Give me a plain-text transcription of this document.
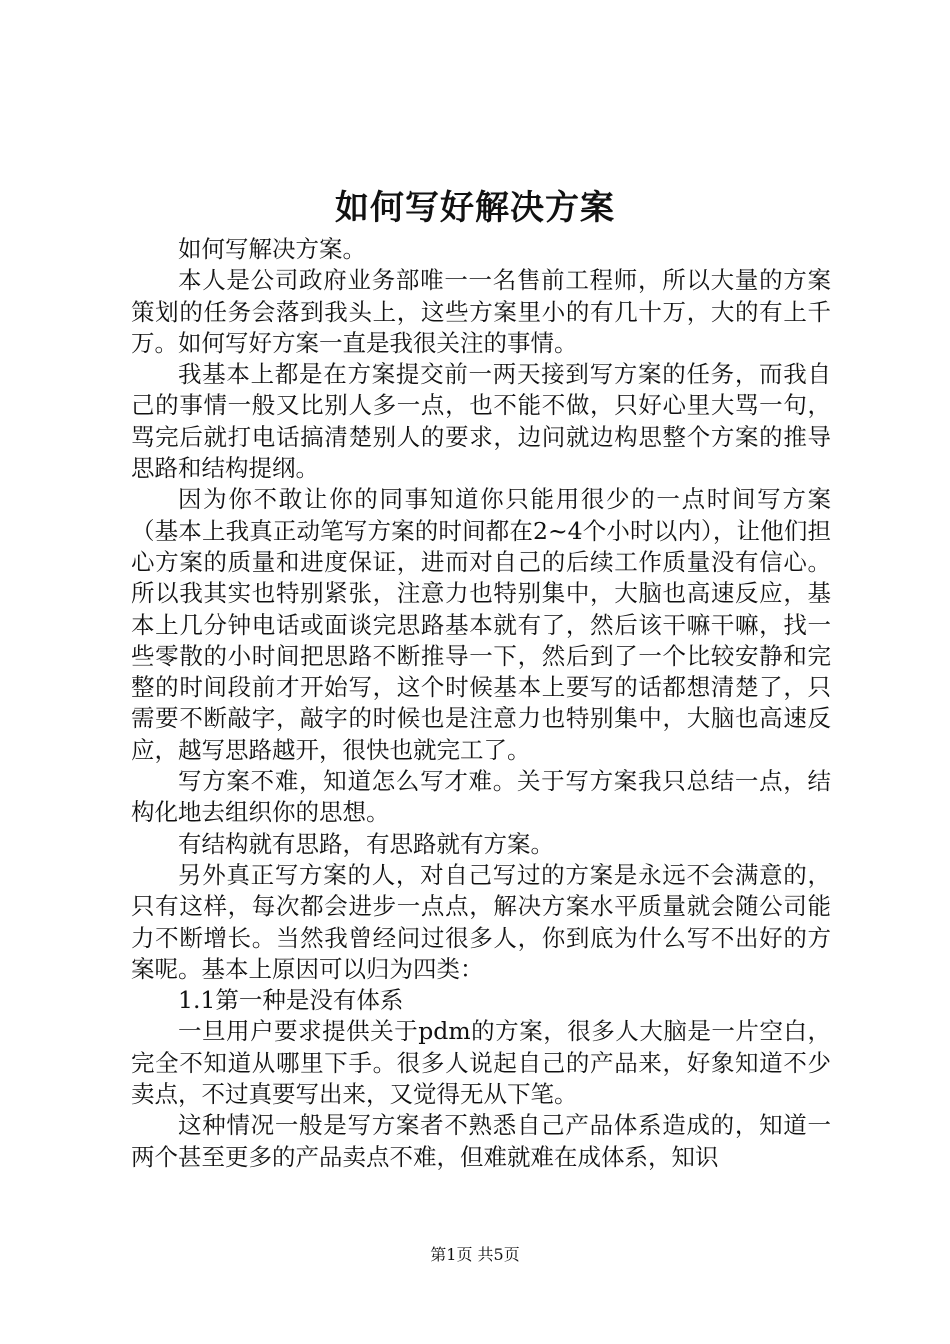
如何写好解决方案

如何写解决方案。

本人是公司政府业务部唯一一名售前工程师，所以大量的方案策划的任务会落到我头上，这些方案里小的有几十万，大的有上千万。如何写好方案一直是我很关注的事情。

我基本上都是在方案提交前一两天接到写方案的任务，而我自己的事情一般又比别人多一点，也不能不做，只好心里大骂一句，骂完后就打电话搞清楚别人的要求，边问就边构思整个方案的推导思路和结构提纲。

因为你不敢让你的同事知道你只能用很少的一点时间写方案（基本上我真正动笔写方案的时间都在2~4个小时以内），让他们担心方案的质量和进度保证，进而对自己的后续工作质量没有信心。所以我其实也特别紧张，注意力也特别集中，大脑也高速反应，基本上几分钟电话或面谈完思路基本就有了，然后该干嘛干嘛，找一些零散的小时间把思路不断推导一下，然后到了一个比较安静和完整的时间段前才开始写，这个时候基本上要写的话都想清楚了，只需要不断敲字，敲字的时候也是注意力也特别集中，大脑也高速反应，越写思路越开，很快也就完工了。

写方案不难，知道怎么写才难。关于写方案我只总结一点，结构化地去组织你的思想。

有结构就有思路，有思路就有方案。

另外真正写方案的人，对自己写过的方案是永远不会满意的，只有这样，每次都会进步一点点，解决方案水平质量就会随公司能力不断增长。当然我曾经问过很多人，你到底为什么写不出好的方案呢。基本上原因可以归为四类：

1.1第一种是没有体系

一旦用户要求提供关于pdm的方案，很多人大脑是一片空白，完全不知道从哪里下手。很多人说起自己的产品来，好象知道不少卖点，不过真要写出来，又觉得无从下笔。

这种情况一般是写方案者不熟悉自己产品体系造成的，知道一两个甚至更多的产品卖点不难，但难就难在成体系，知识

第1页 共5页
